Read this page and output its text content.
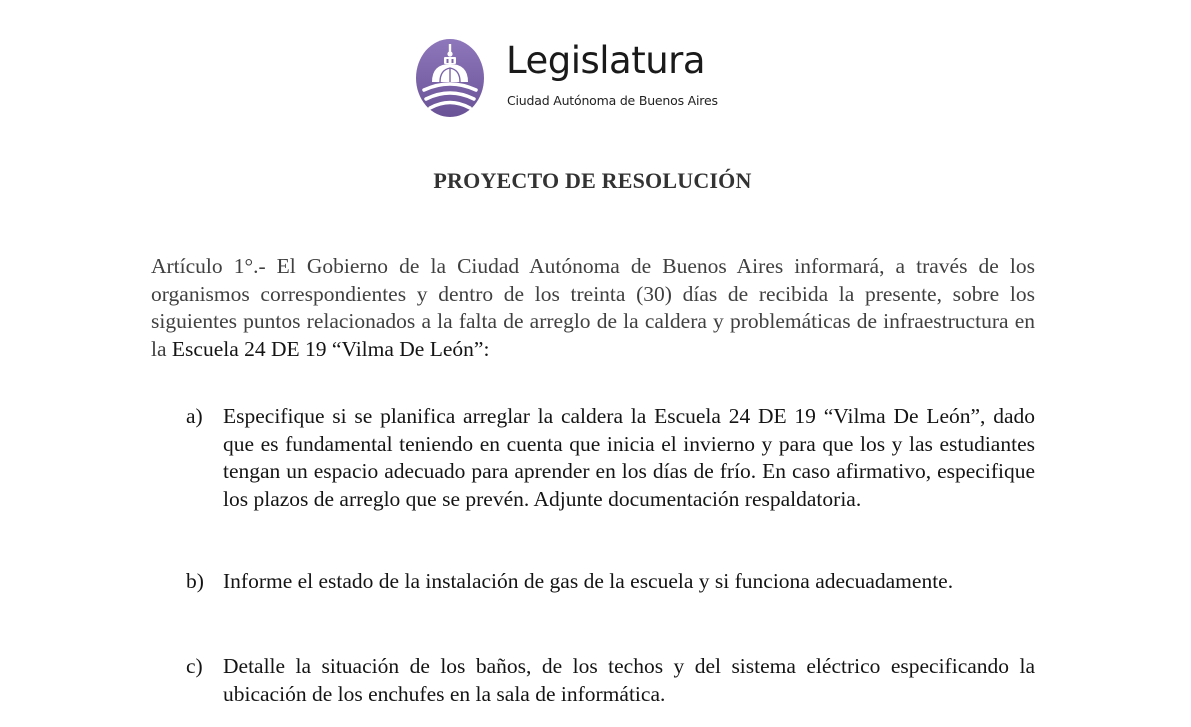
Legislatura
Ciudad Autónoma de Buenos Aires
PROYECTO DE RESOLUCIÓN
Artículo 1°.- El Gobierno de la Ciudad Autónoma de Buenos Aires informará, a través de los organismos correspondientes y dentro de los treinta (30) días de recibida la presente, sobre los siguientes puntos relacionados a la falta de arreglo de la caldera y problemáticas de infraestructura en la Escuela 24 DE 19 “Vilma De León”:
a) Especifique si se planifica arreglar la caldera la Escuela 24 DE 19 “Vilma De León”, dado que es fundamental teniendo en cuenta que inicia el invierno y para que los y las estudiantes tengan un espacio adecuado para aprender en los días de frío. En caso afirmativo, especifique los plazos de arreglo que se prevén. Adjunte documentación respaldatoria.
b) Informe el estado de la instalación de gas de la escuela y si funciona adecuadamente.
c) Detalle la situación de los baños, de los techos y del sistema eléctrico especificando la ubicación de los enchufes en la sala de informática.
